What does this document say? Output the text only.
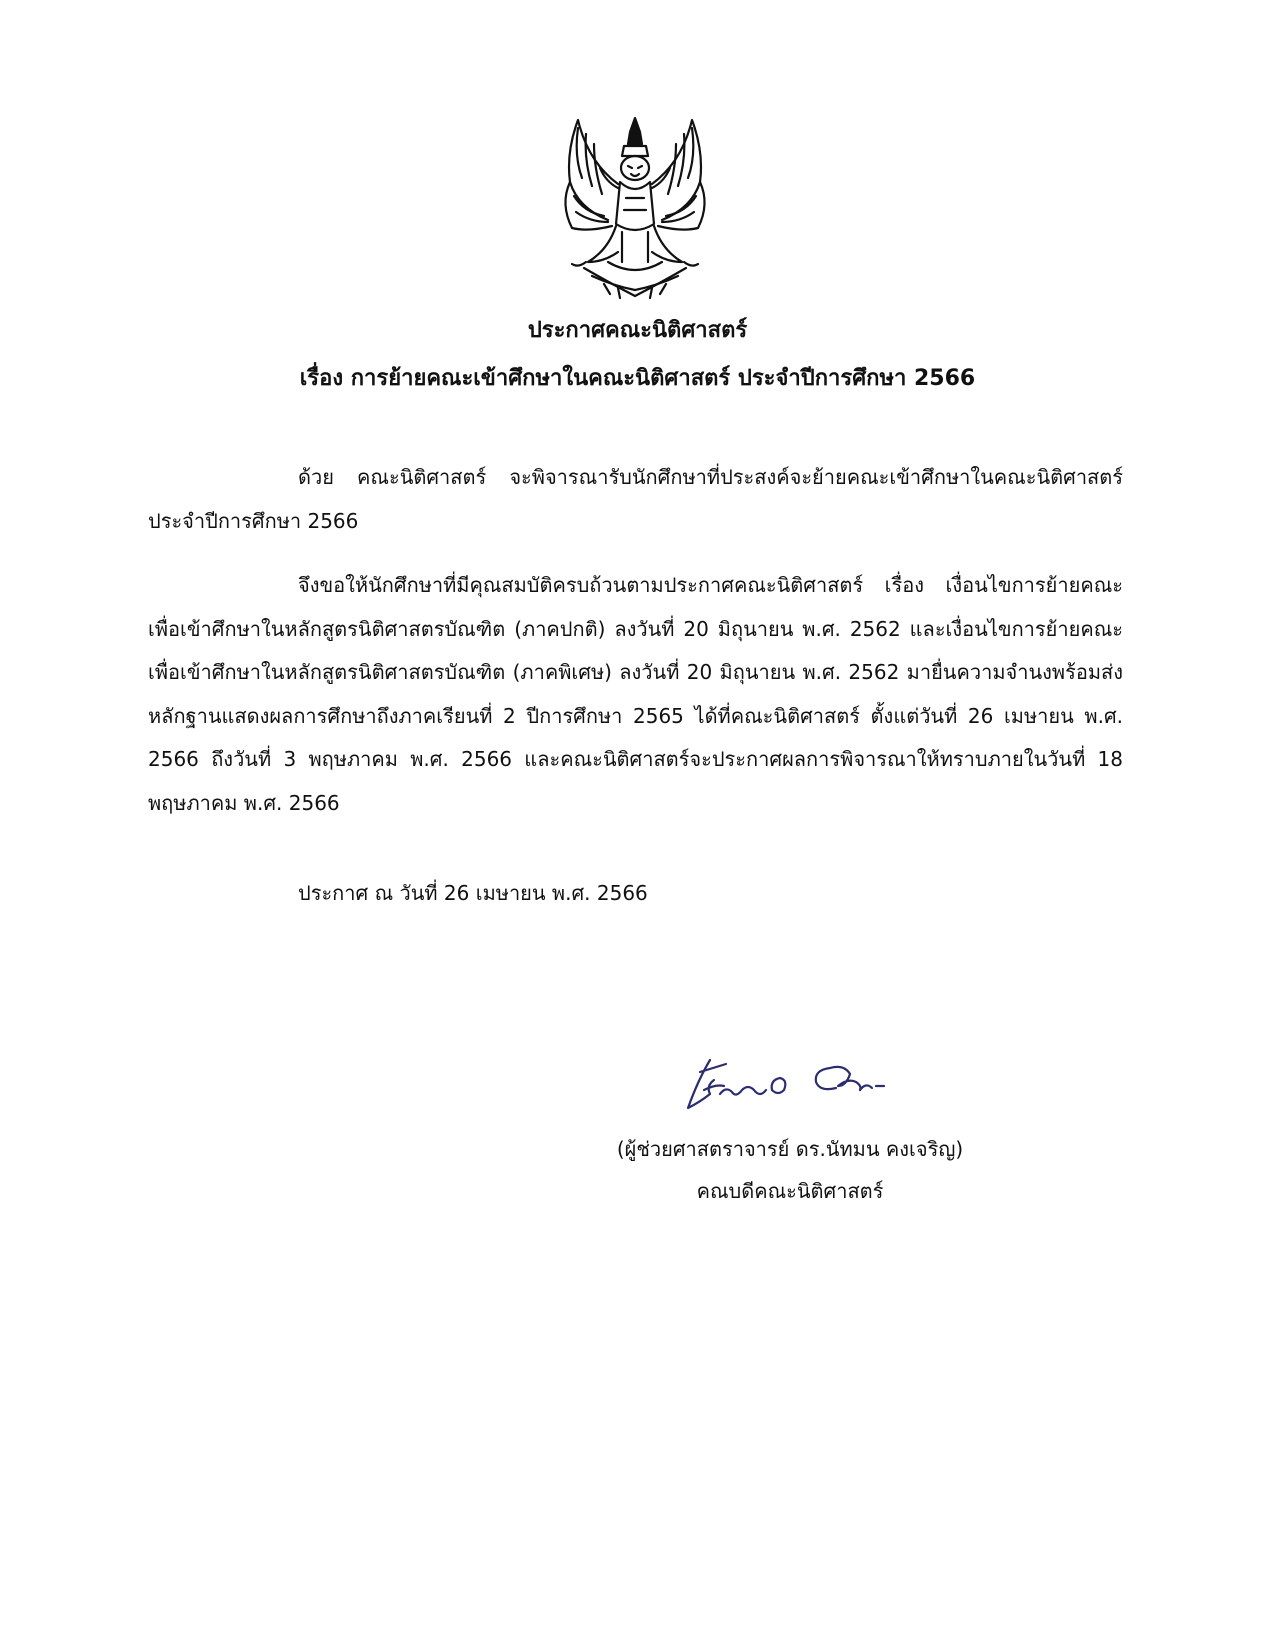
ประกาศคณะนิติศาสตร์
เรื่อง การย้ายคณะเข้าศึกษาในคณะนิติศาสตร์ ประจำปีการศึกษา 2566

ด้วย คณะนิติศาสตร์ จะพิจารณารับนักศึกษาที่ประสงค์จะย้ายคณะเข้าศึกษาในคณะนิติศาสตร์ ประจำปีการศึกษา 2566

จึงขอให้นักศึกษาที่มีคุณสมบัติครบถ้วนตามประกาศคณะนิติศาสตร์ เรื่อง เงื่อนไขการย้ายคณะเพื่อเข้าศึกษาในหลักสูตรนิติศาสตรบัณฑิต (ภาคปกติ) ลงวันที่ 20 มิถุนายน พ.ศ. 2562 และเงื่อนไขการย้ายคณะ เพื่อเข้าศึกษาในหลักสูตรนิติศาสตรบัณฑิต (ภาคพิเศษ) ลงวันที่ 20 มิถุนายน พ.ศ. 2562 มายื่นความจำนงพร้อมส่งหลักฐานแสดงผลการศึกษาถึงภาคเรียนที่ 2 ปีการศึกษา 2565 ได้ที่คณะนิติศาสตร์ ตั้งแต่วันที่ 26 เมษายน พ.ศ. 2566 ถึงวันที่ 3 พฤษภาคม พ.ศ. 2566 และคณะนิติศาสตร์จะประกาศผลการพิจารณาให้ทราบภายในวันที่ 18 พฤษภาคม พ.ศ. 2566

ประกาศ ณ วันที่ 26 เมษายน พ.ศ. 2566
(ผู้ช่วยศาสตราจารย์ ดร.นัทมน คงเจริญ)
คณบดีคณะนิติศาสตร์
